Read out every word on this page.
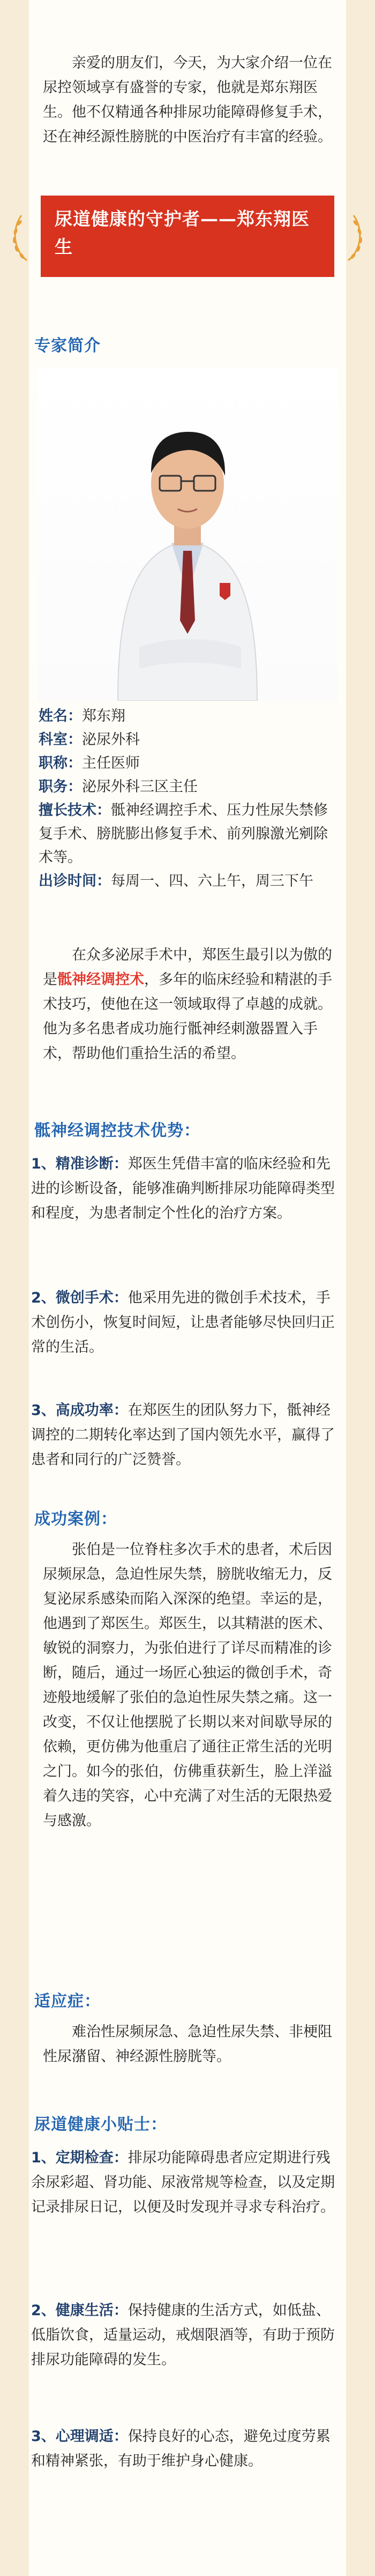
亲爱的朋友们，今天，为大家介绍一位在尿控领域享有盛誉的专家，他就是郑东翔医生。他不仅精通各种排尿功能障碍修复手术，还在神经源性膀胱的中医治疗有丰富的经验。

尿道健康的守护者——郑东翔医生
专家简介
姓名：郑东翔
科室：泌尿外科
职称：主任医师
职务：泌尿外科三区主任
擅长技术：骶神经调控手术、压力性尿失禁修复手术、膀胱膨出修复手术、前列腺激光剜除术等。
出诊时间：每周一、四、六上午，周三下午

在众多泌尿手术中，郑医生最引以为傲的是骶神经调控术，多年的临床经验和精湛的手术技巧，使他在这一领域取得了卓越的成就。他为多名患者成功施行骶神经刺激器置入手术，帮助他们重拾生活的希望。

骶神经调控技术优势：

1、精准诊断：郑医生凭借丰富的临床经验和先进的诊断设备，能够准确判断排尿功能障碍类型和程度，为患者制定个性化的治疗方案。

2、微创手术：他采用先进的微创手术技术，手术创伤小，恢复时间短，让患者能够尽快回归正常的生活。

3、高成功率：在郑医生的团队努力下，骶神经调控的二期转化率达到了国内领先水平，赢得了患者和同行的广泛赞誉。

成功案例：

张伯是一位脊柱多次手术的患者，术后因尿频尿急，急迫性尿失禁，膀胱收缩无力，反复泌尿系感染而陷入深深的绝望。幸运的是，他遇到了郑医生。郑医生，以其精湛的医术、敏锐的洞察力，为张伯进行了详尽而精准的诊断，随后，通过一场匠心独运的微创手术，奇迹般地缓解了张伯的急迫性尿失禁之痛。这一改变，不仅让他摆脱了长期以来对间歇导尿的依赖，更仿佛为他重启了通往正常生活的光明之门。如今的张伯，仿佛重获新生，脸上洋溢着久违的笑容，心中充满了对生活的无限热爱与感激。

适应症：

难治性尿频尿急、急迫性尿失禁、非梗阻性尿潴留、神经源性膀胱等。

尿道健康小贴士：

1、定期检查：排尿功能障碍患者应定期进行残余尿彩超、肾功能、尿液常规等检查，以及定期记录排尿日记，以便及时发现并寻求专科治疗。

2、健康生活：保持健康的生活方式，如低盐、低脂饮食，适量运动，戒烟限酒等，有助于预防排尿功能障碍的发生。

3、心理调适：保持良好的心态，避免过度劳累和精神紧张，有助于维护身心健康。
